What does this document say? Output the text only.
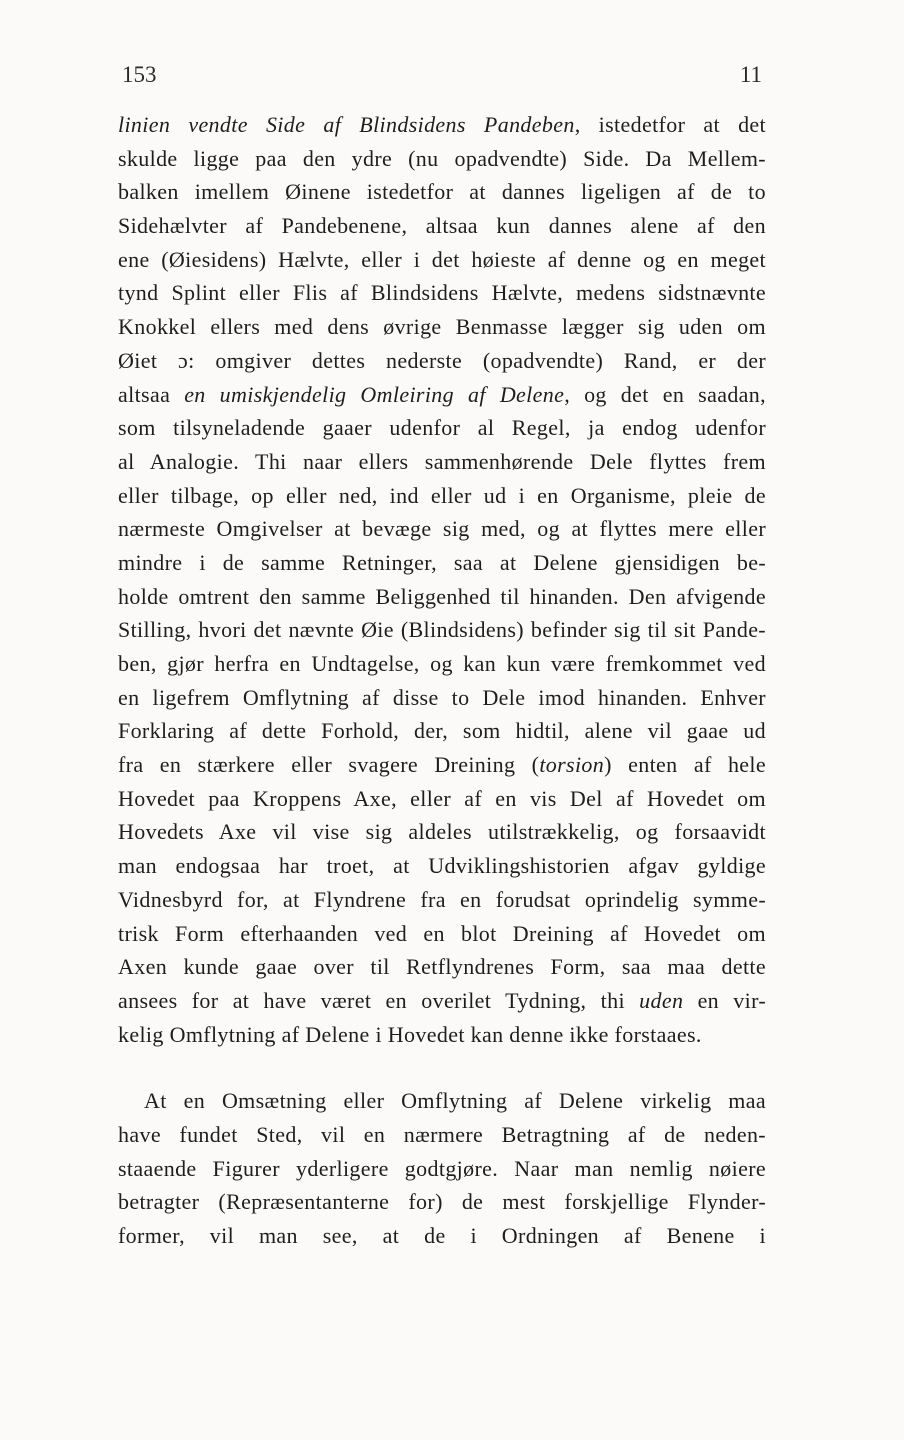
153	11
linien vendte Side af Blindsidens Pandeben, istedetfor at det
skulde ligge paa den ydre (nu opadvendte) Side. Da Mellem-
balken imellem Øinene istedetfor at dannes ligeligen af de to
Sidehælvter af Pandebenene, altsaa kun dannes alene af den
ene (Øiesidens) Hælvte, eller i det høieste af denne og en meget
tynd Splint eller Flis af Blindsidens Hælvte, medens sidstnævnte
Knokkel ellers med dens øvrige Benmasse lægger sig uden om
Øiet ɔ: omgiver dettes nederste (opadvendte) Rand, er der
altsaa en umiskjendelig Omleiring af Delene, og det en saadan,
som tilsyneladende gaaer udenfor al Regel, ja endog udenfor
al Analogie. Thi naar ellers sammenhørende Dele flyttes frem
eller tilbage, op eller ned, ind eller ud i en Organisme, pleie de
nærmeste Omgivelser at bevæge sig med, og at flyttes mere eller
mindre i de samme Retninger, saa at Delene gjensidigen be-
holde omtrent den samme Beliggenhed til hinanden. Den afvigende
Stilling, hvori det nævnte Øie (Blindsidens) befinder sig til sit Pande-
ben, gjør herfra en Undtagelse, og kan kun være fremkommet ved
en ligefrem Omflytning af disse to Dele imod hinanden. Enhver
Forklaring af dette Forhold, der, som hidtil, alene vil gaae ud
fra en stærkere eller svagere Dreining (torsion) enten af hele
Hovedet paa Kroppens Axe, eller af en vis Del af Hovedet om
Hovedets Axe vil vise sig aldeles utilstrækkelig, og forsaavidt
man endogsaa har troet, at Udviklingshistorien afgav gyldige
Vidnesbyrd for, at Flyndrene fra en forudsat oprindelig symme-
trisk Form efterhaanden ved en blot Dreining af Hovedet om
Axen kunde gaae over til Retflyndrenes Form, saa maa dette
ansees for at have været en overilet Tydning, thi uden en vir-
kelig Omflytning af Delene i Hovedet kan denne ikke forstaaes.
At en Omsætning eller Omflytning af Delene virkelig maa
have fundet Sted, vil en nærmere Betragtning af de neden-
staaende Figurer yderligere godtgjøre. Naar man nemlig nøiere
betragter (Repræsentanterne for) de mest forskjellige Flynder-
former, vil man see, at de i Ordningen af Benene i
